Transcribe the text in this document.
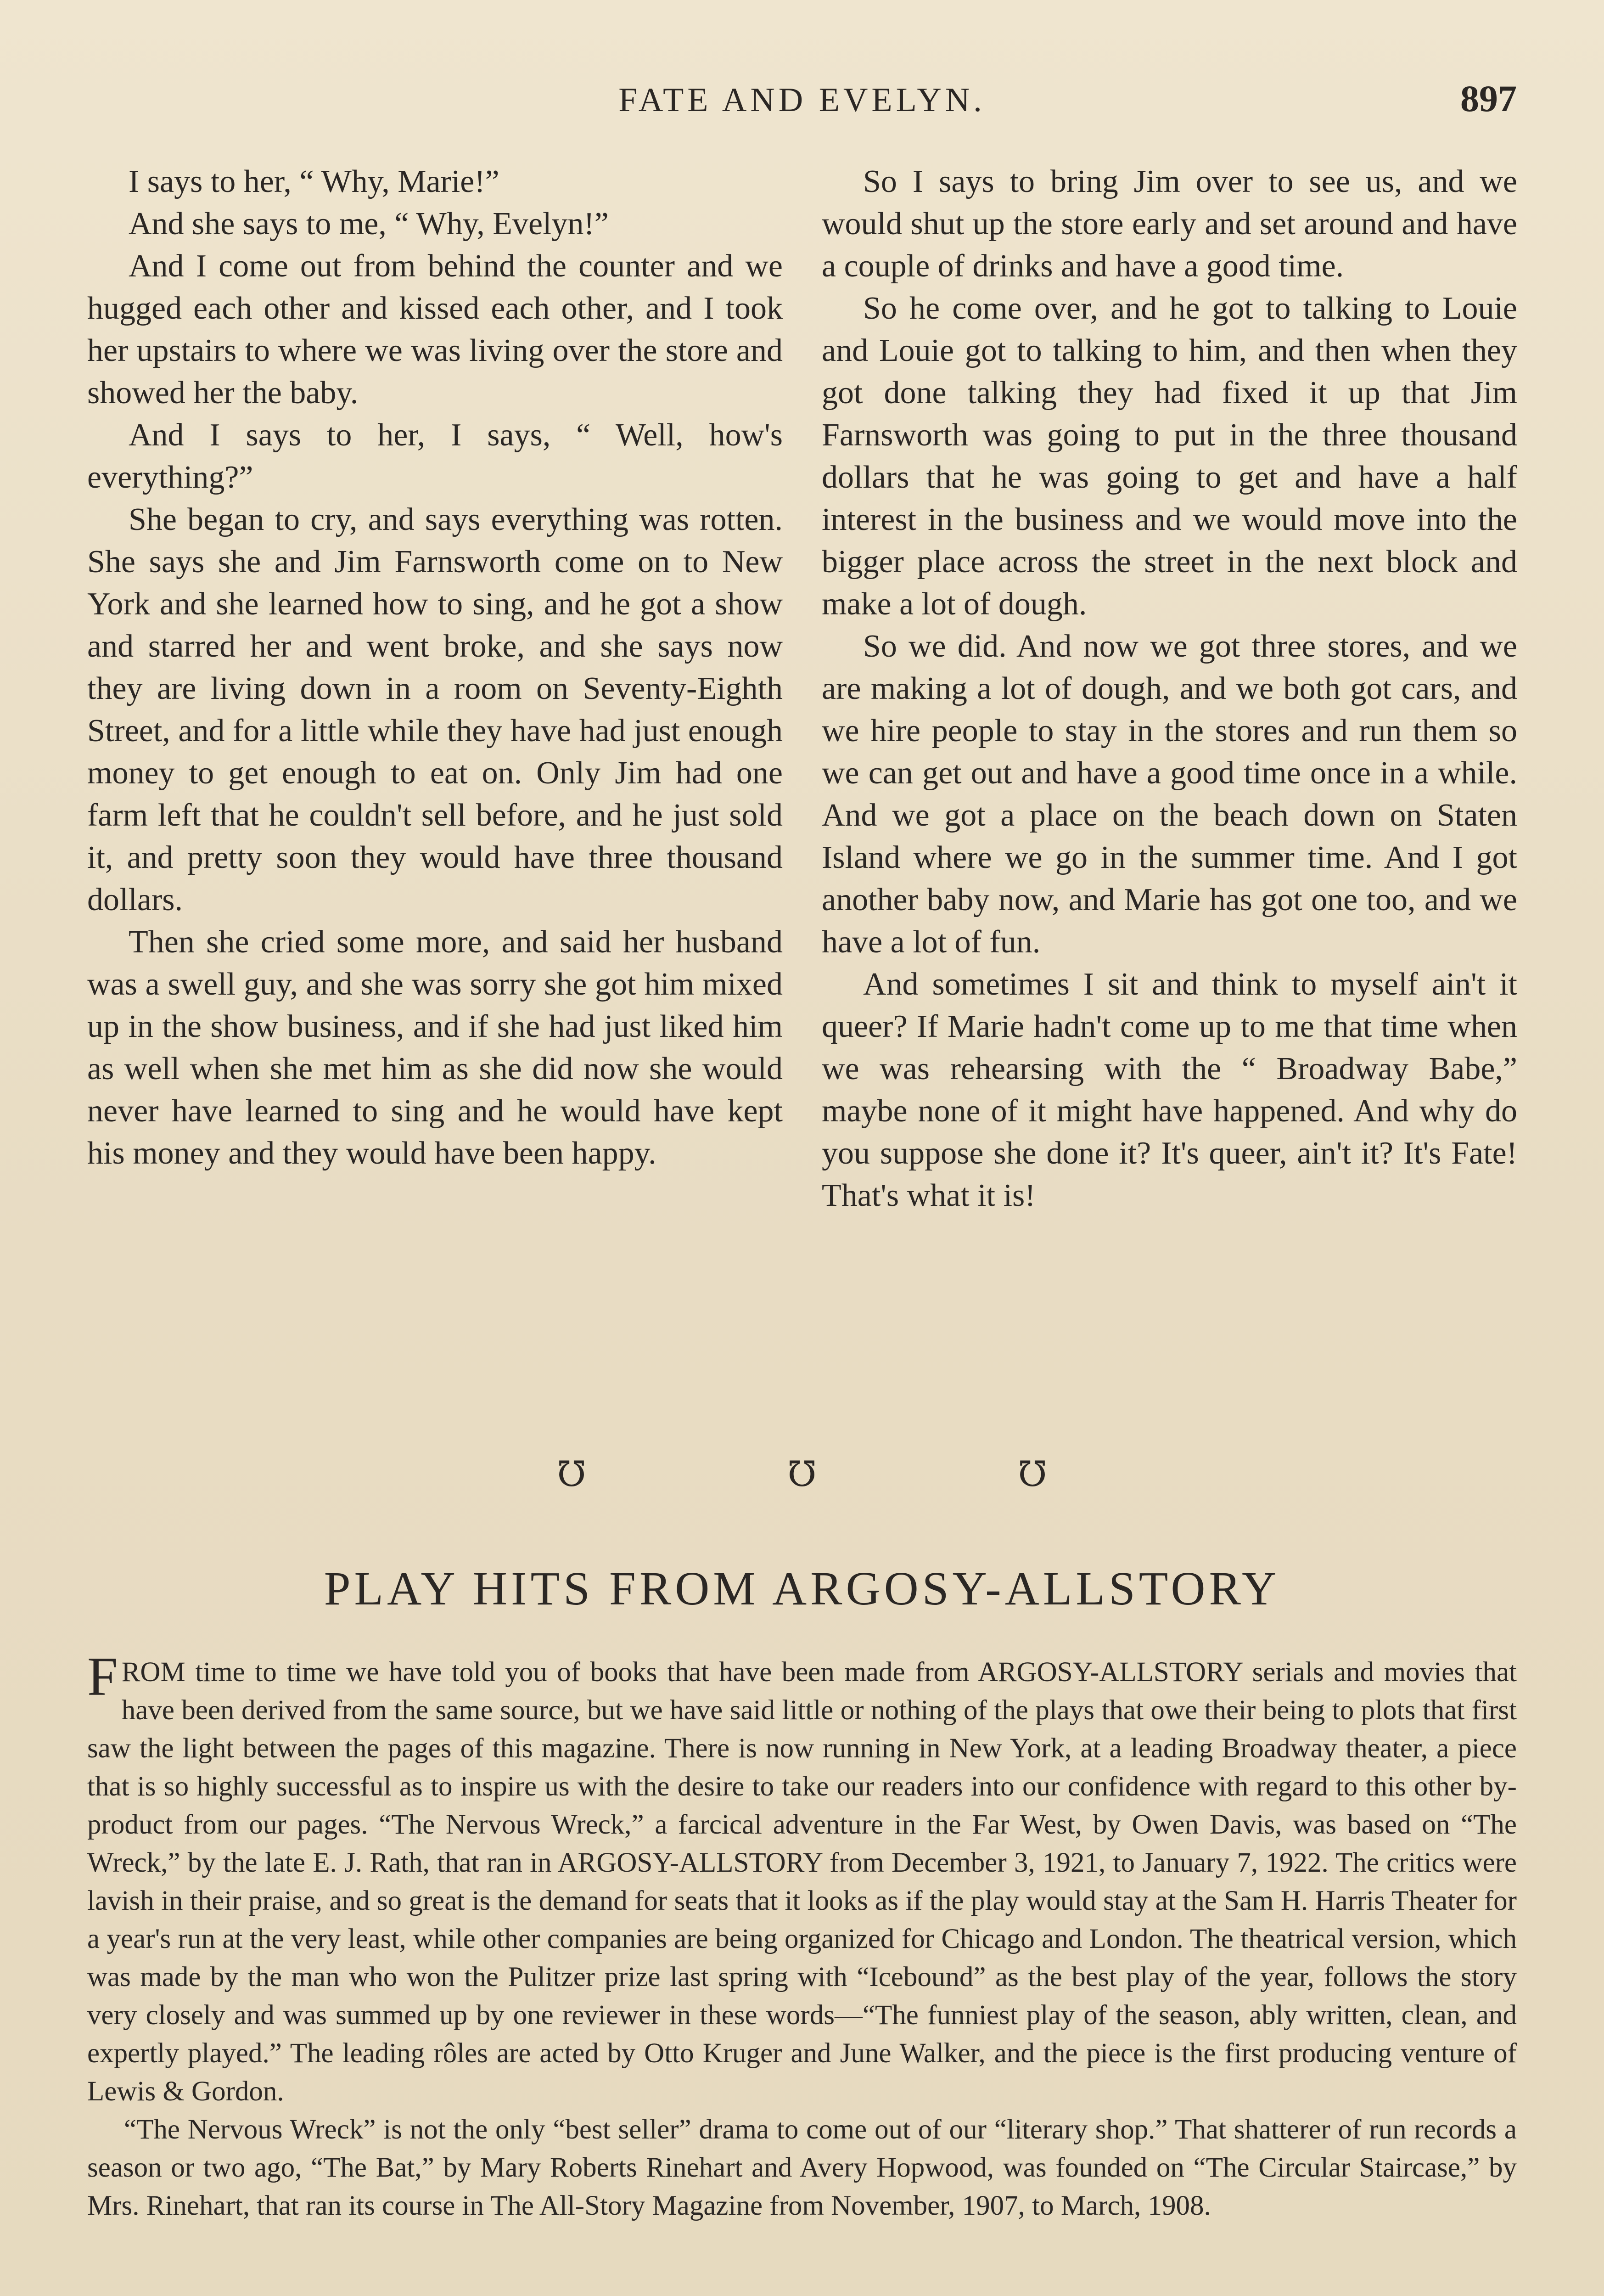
FATE AND EVELYN.	897

I says to her, “ Why, Marie!”

And she says to me, “ Why, Evelyn!”

And I come out from behind the counter and we hugged each other and kissed each other, and I took her upstairs to where we was living over the store and showed her the baby.

And I says to her, I says, “ Well, how's everything?”

She began to cry, and says everything was rotten. She says she and Jim Farnsworth come on to New York and she learned how to sing, and he got a show and starred her and went broke, and she says now they are living down in a room on Seventy-Eighth Street, and for a little while they have had just enough money to get enough to eat on. Only Jim had one farm left that he couldn't sell before, and he just sold it, and pretty soon they would have three thousand dollars.

Then she cried some more, and said her husband was a swell guy, and she was sorry she got him mixed up in the show business, and if she had just liked him as well when she met him as she did now she would never have learned to sing and he would have kept his money and they would have been happy.

So I says to bring Jim over to see us, and we would shut up the store early and set around and have a couple of drinks and have a good time.

So he come over, and he got to talking to Louie and Louie got to talking to him, and then when they got done talking they had fixed it up that Jim Farnsworth was going to put in the three thousand dollars that he was going to get and have a half interest in the business and we would move into the bigger place across the street in the next block and make a lot of dough.

So we did. And now we got three stores, and we are making a lot of dough, and we both got cars, and we hire people to stay in the stores and run them so we can get out and have a good time once in a while. And we got a place on the beach down on Staten Island where we go in the summer time. And I got another baby now, and Marie has got one too, and we have a lot of fun.

And sometimes I sit and think to myself ain't it queer? If Marie hadn't come up to me that time when we was rehearsing with the “ Broadway Babe,” maybe none of it might have happened. And why do you suppose she done it? It's queer, ain't it? It's Fate! That's what it is!

℧	℧	℧
PLAY HITS FROM ARGOSY-ALLSTORY

F ROM time to time we have told you of books that have been made from ARGOSY-ALLSTORY serials and movies that have been derived from the same source, but we have said little or nothing of the plays that owe their being to plots that first saw the light between the pages of this magazine. There is now running in New York, at a leading Broadway theater, a piece that is so highly successful as to inspire us with the desire to take our readers into our confidence with regard to this other by-product from our pages. “The Nervous Wreck,” a farcical adventure in the Far West, by Owen Davis, was based on “The Wreck,” by the late E. J. Rath, that ran in ARGOSY-ALLSTORY from December 3, 1921, to January 7, 1922. The critics were lavish in their praise, and so great is the demand for seats that it looks as if the play would stay at the Sam H. Harris Theater for a year's run at the very least, while other companies are being organized for Chicago and London. The theatrical version, which was made by the man who won the Pulitzer prize last spring with “Icebound” as the best play of the year, follows the story very closely and was summed up by one reviewer in these words—“The funniest play of the season, ably written, clean, and expertly played.” The leading rôles are acted by Otto Kruger and June Walker, and the piece is the first producing venture of Lewis & Gordon.

“The Nervous Wreck” is not the only “best seller” drama to come out of our “literary shop.” That shatterer of run records a season or two ago, “The Bat,” by Mary Roberts Rinehart and Avery Hopwood, was founded on “The Circular Staircase,” by Mrs. Rinehart, that ran its course in The All-Story Magazine from November, 1907, to March, 1908.
